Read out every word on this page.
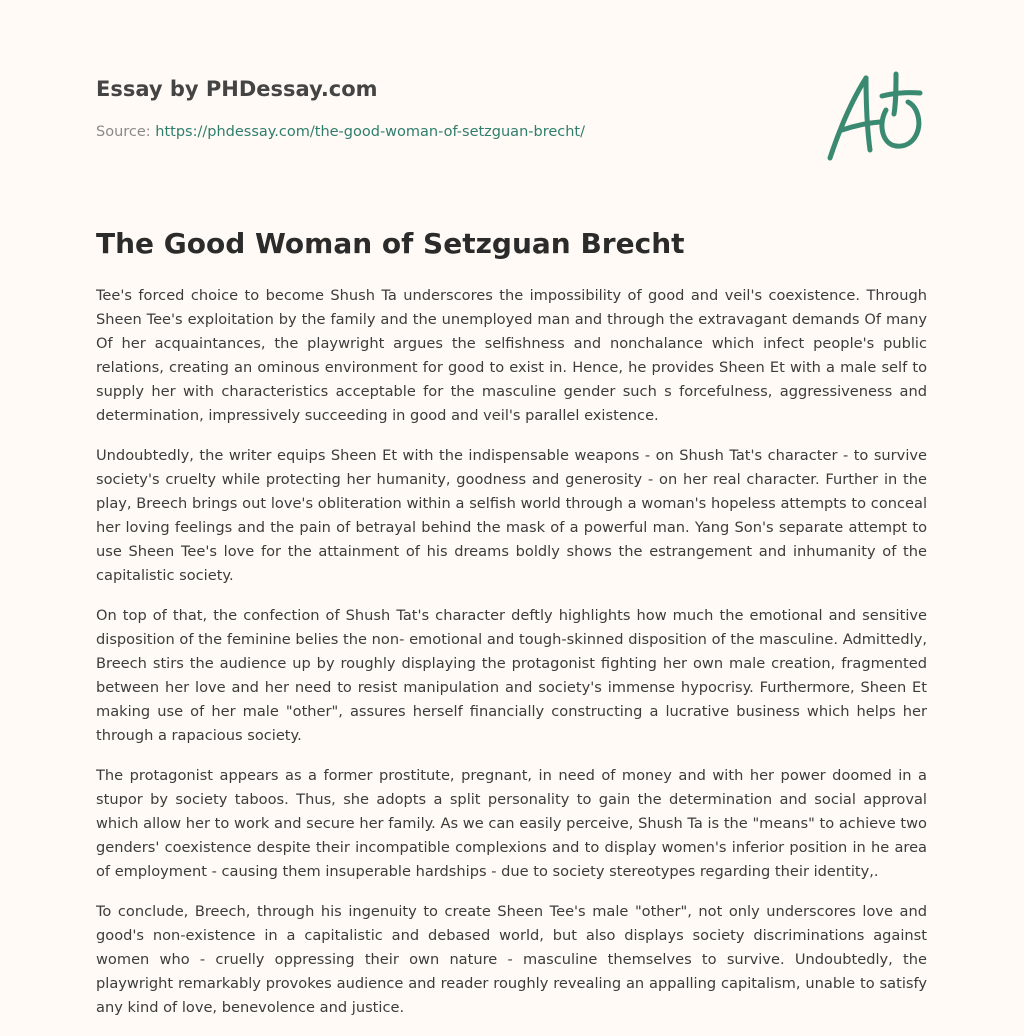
Essay by PHDessay.com
Source: https://phdessay.com/the-good-woman-of-setzguan-brecht/
The Good Woman of Setzguan Brecht

Tee's forced choice to become Shush Ta underscores the impossibility of good and veil's coexistence. Through Sheen Tee's exploitation by the family and the unemployed man and through the extravagant demands Of many Of her acquaintances, the playwright argues the selfishness and nonchalance which infect people's public relations, creating an ominous environment for good to exist in. Hence, he provides Sheen Et with a male self to supply her with characteristics acceptable for the masculine gender such s forcefulness, aggressiveness and determination, impressively succeeding in good and veil's parallel existence.

Undoubtedly, the writer equips Sheen Et with the indispensable weapons - on Shush Tat's character - to survive society's cruelty while protecting her humanity, goodness and generosity - on her real character. Further in the play, Breech brings out love's obliteration within a selfish world through a woman's hopeless attempts to conceal her loving feelings and the pain of betrayal behind the mask of a powerful man. Yang Son's separate attempt to use Sheen Tee's love for the attainment of his dreams boldly shows the estrangement and inhumanity of the capitalistic society.

On top of that, the confection of Shush Tat's character deftly highlights how much the emotional and sensitive disposition of the feminine belies the non- emotional and tough-skinned disposition of the masculine. Admittedly, Breech stirs the audience up by roughly displaying the protagonist fighting her own male creation, fragmented between her love and her need to resist manipulation and society's immense hypocrisy. Furthermore, Sheen Et making use of her male "other", assures herself financially constructing a lucrative business which helps her through a rapacious society.

The protagonist appears as a former prostitute, pregnant, in need of money and with her power doomed in a stupor by society taboos. Thus, she adopts a split personality to gain the determination and social approval which allow her to work and secure her family. As we can easily perceive, Shush Ta is the "means" to achieve two genders' coexistence despite their incompatible complexions and to display women's inferior position in he area of employment - causing them insuperable hardships - due to society stereotypes regarding their identity,.

To conclude, Breech, through his ingenuity to create Sheen Tee's male "other", not only underscores love and good's non-existence in a capitalistic and debased world, but also displays society discriminations against women who - cruelly oppressing their own nature - masculine themselves to survive. Undoubtedly, the playwright remarkably provokes audience and reader roughly revealing an appalling capitalism, unable to satisfy any kind of love, benevolence and justice.
